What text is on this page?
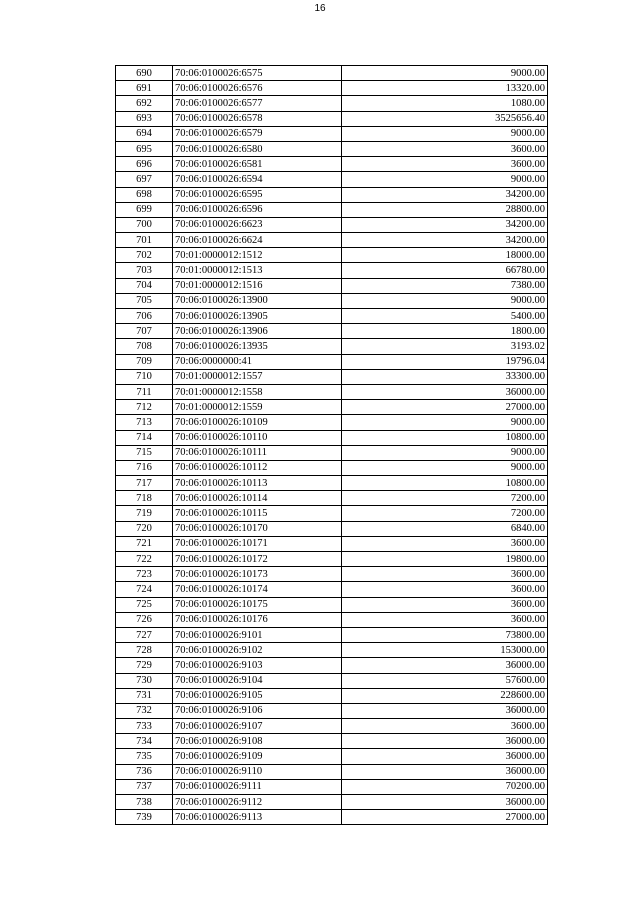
16
690	70:06:0100026:6575	9000.00
691	70:06:0100026:6576	13320.00
692	70:06:0100026:6577	1080.00
693	70:06:0100026:6578	3525656.40
694	70:06:0100026:6579	9000.00
695	70:06:0100026:6580	3600.00
696	70:06:0100026:6581	3600.00
697	70:06:0100026:6594	9000.00
698	70:06:0100026:6595	34200.00
699	70:06:0100026:6596	28800.00
700	70:06:0100026:6623	34200.00
701	70:06:0100026:6624	34200.00
702	70:01:0000012:1512	18000.00
703	70:01:0000012:1513	66780.00
704	70:01:0000012:1516	7380.00
705	70:06:0100026:13900	9000.00
706	70:06:0100026:13905	5400.00
707	70:06:0100026:13906	1800.00
708	70:06:0100026:13935	3193.02
709	70:06:0000000:41	19796.04
710	70:01:0000012:1557	33300.00
711	70:01:0000012:1558	36000.00
712	70:01:0000012:1559	27000.00
713	70:06:0100026:10109	9000.00
714	70:06:0100026:10110	10800.00
715	70:06:0100026:10111	9000.00
716	70:06:0100026:10112	9000.00
717	70:06:0100026:10113	10800.00
718	70:06:0100026:10114	7200.00
719	70:06:0100026:10115	7200.00
720	70:06:0100026:10170	6840.00
721	70:06:0100026:10171	3600.00
722	70:06:0100026:10172	19800.00
723	70:06:0100026:10173	3600.00
724	70:06:0100026:10174	3600.00
725	70:06:0100026:10175	3600.00
726	70:06:0100026:10176	3600.00
727	70:06:0100026:9101	73800.00
728	70:06:0100026:9102	153000.00
729	70:06:0100026:9103	36000.00
730	70:06:0100026:9104	57600.00
731	70:06:0100026:9105	228600.00
732	70:06:0100026:9106	36000.00
733	70:06:0100026:9107	3600.00
734	70:06:0100026:9108	36000.00
735	70:06:0100026:9109	36000.00
736	70:06:0100026:9110	36000.00
737	70:06:0100026:9111	70200.00
738	70:06:0100026:9112	36000.00
739	70:06:0100026:9113	27000.00
